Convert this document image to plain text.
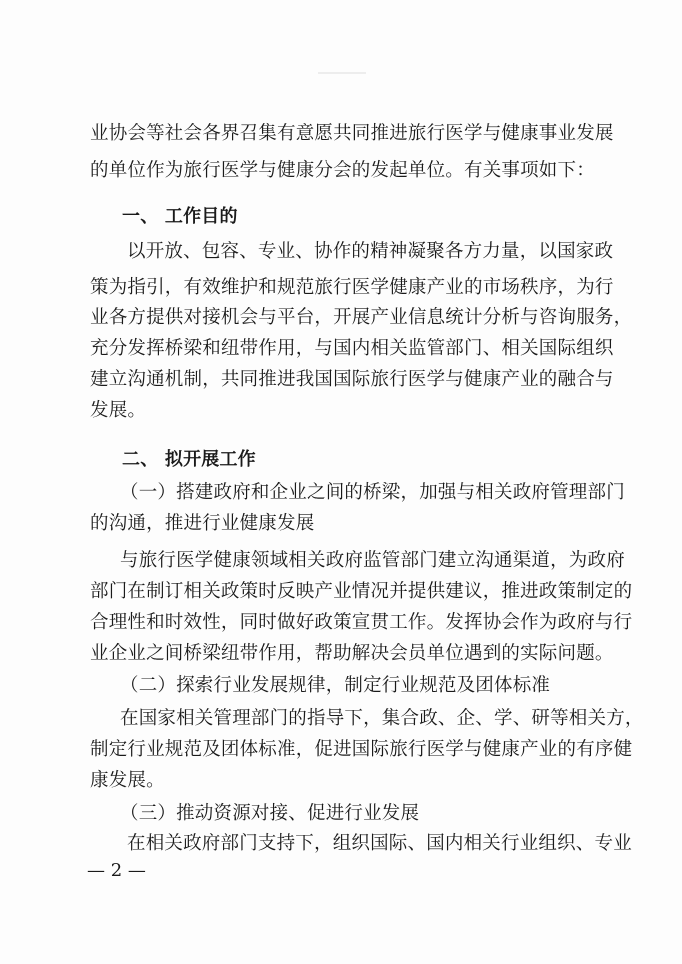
业协会等社会各界召集有意愿共同推进旅行医学与健康事业发展
的单位作为旅行医学与健康分会的发起单位。有关事项如下：
一、 工作目的
以开放、包容、专业、协作的精神凝聚各方力量，以国家政
策为指引，有效维护和规范旅行医学健康产业的市场秩序，为行
业各方提供对接机会与平台，开展产业信息统计分析与咨询服务，
充分发挥桥梁和纽带作用，与国内相关监管部门、相关国际组织
建立沟通机制，共同推进我国国际旅行医学与健康产业的融合与
发展。
二、 拟开展工作
（一）搭建政府和企业之间的桥梁，加强与相关政府管理部门
的沟通，推进行业健康发展
与旅行医学健康领域相关政府监管部门建立沟通渠道，为政府
部门在制订相关政策时反映产业情况并提供建议，推进政策制定的
合理性和时效性，同时做好政策宣贯工作。发挥协会作为政府与行
业企业之间桥梁纽带作用，帮助解决会员单位遇到的实际问题。
（二）探索行业发展规律，制定行业规范及团体标准
在国家相关管理部门的指导下，集合政、企、学、研等相关方，
制定行业规范及团体标准，促进国际旅行医学与健康产业的有序健
康发展。
（三）推动资源对接、促进行业发展
在相关政府部门支持下，组织国际、国内相关行业组织、专业
— 2 —
